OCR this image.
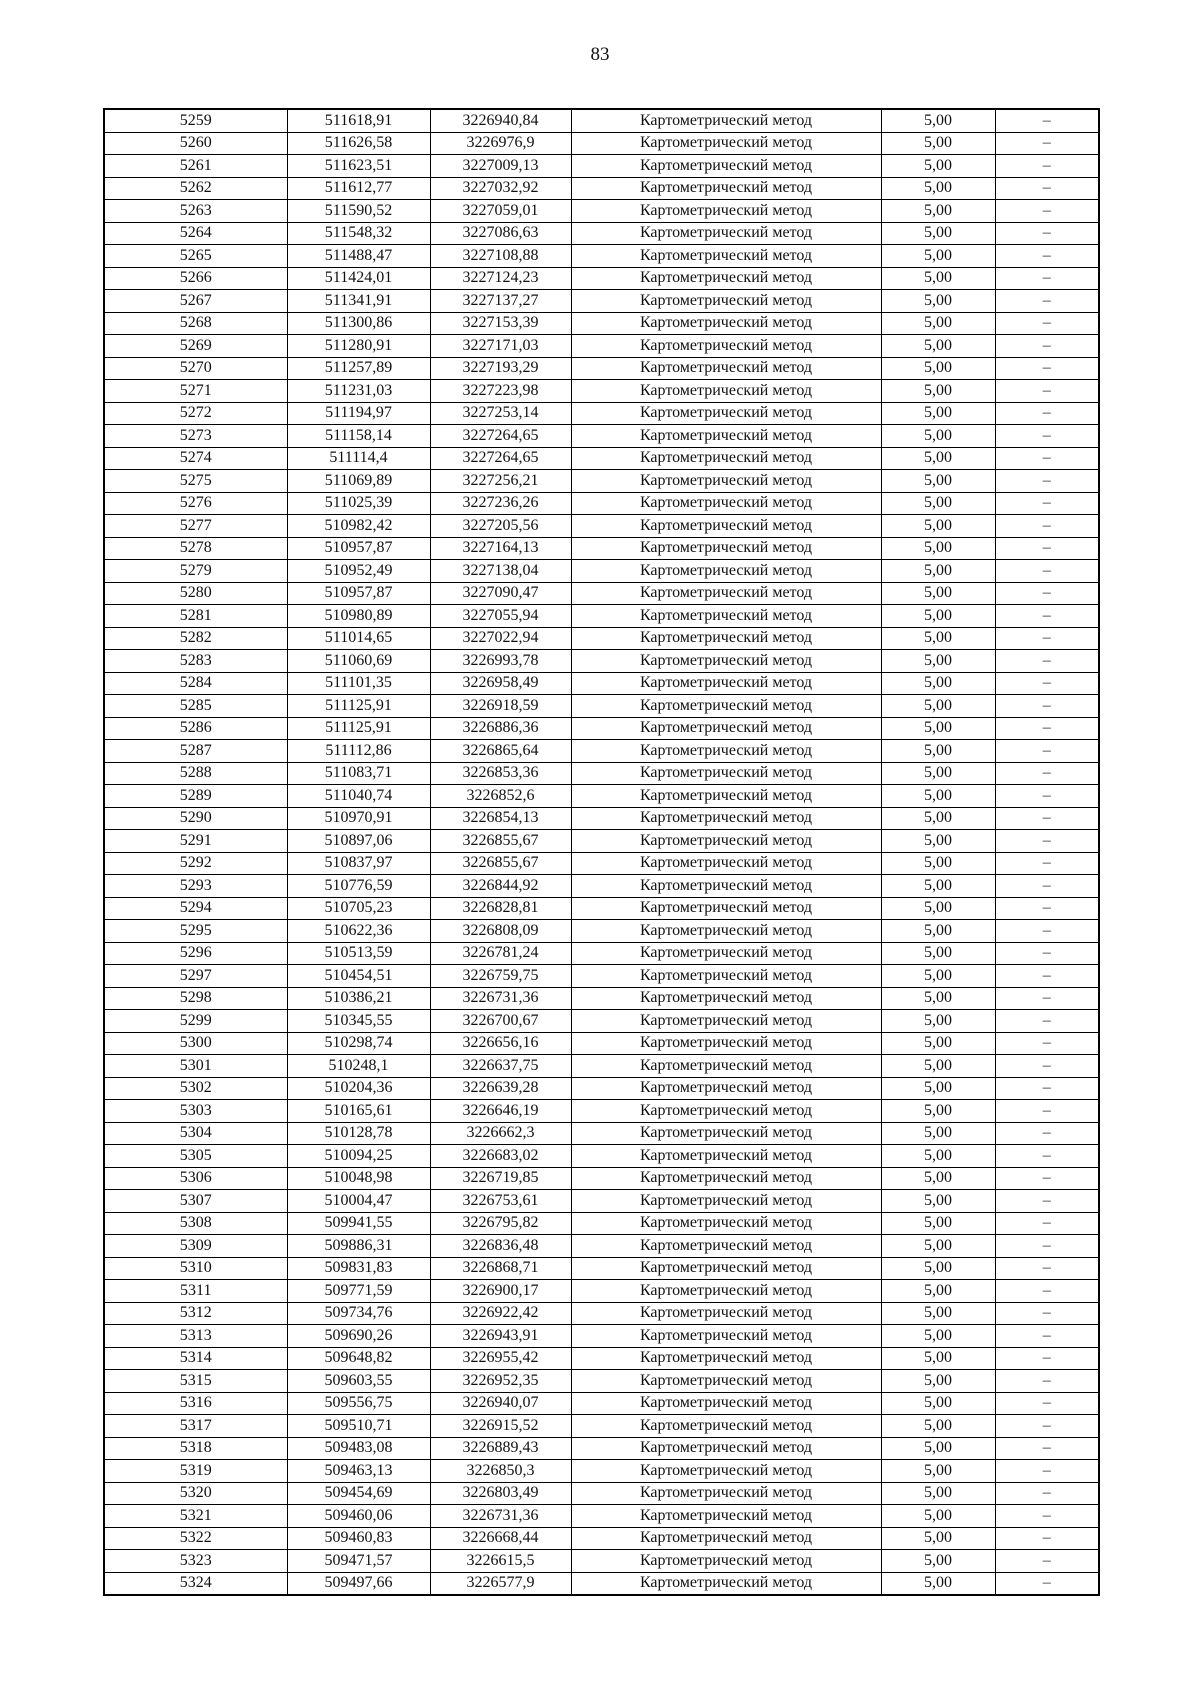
83
5259	511618,91	3226940,84	Картометрический метод	5,00	–
5260	511626,58	3226976,9	Картометрический метод	5,00	–
5261	511623,51	3227009,13	Картометрический метод	5,00	–
5262	511612,77	3227032,92	Картометрический метод	5,00	–
5263	511590,52	3227059,01	Картометрический метод	5,00	–
5264	511548,32	3227086,63	Картометрический метод	5,00	–
5265	511488,47	3227108,88	Картометрический метод	5,00	–
5266	511424,01	3227124,23	Картометрический метод	5,00	–
5267	511341,91	3227137,27	Картометрический метод	5,00	–
5268	511300,86	3227153,39	Картометрический метод	5,00	–
5269	511280,91	3227171,03	Картометрический метод	5,00	–
5270	511257,89	3227193,29	Картометрический метод	5,00	–
5271	511231,03	3227223,98	Картометрический метод	5,00	–
5272	511194,97	3227253,14	Картометрический метод	5,00	–
5273	511158,14	3227264,65	Картометрический метод	5,00	–
5274	511114,4	3227264,65	Картометрический метод	5,00	–
5275	511069,89	3227256,21	Картометрический метод	5,00	–
5276	511025,39	3227236,26	Картометрический метод	5,00	–
5277	510982,42	3227205,56	Картометрический метод	5,00	–
5278	510957,87	3227164,13	Картометрический метод	5,00	–
5279	510952,49	3227138,04	Картометрический метод	5,00	–
5280	510957,87	3227090,47	Картометрический метод	5,00	–
5281	510980,89	3227055,94	Картометрический метод	5,00	–
5282	511014,65	3227022,94	Картометрический метод	5,00	–
5283	511060,69	3226993,78	Картометрический метод	5,00	–
5284	511101,35	3226958,49	Картометрический метод	5,00	–
5285	511125,91	3226918,59	Картометрический метод	5,00	–
5286	511125,91	3226886,36	Картометрический метод	5,00	–
5287	511112,86	3226865,64	Картометрический метод	5,00	–
5288	511083,71	3226853,36	Картометрический метод	5,00	–
5289	511040,74	3226852,6	Картометрический метод	5,00	–
5290	510970,91	3226854,13	Картометрический метод	5,00	–
5291	510897,06	3226855,67	Картометрический метод	5,00	–
5292	510837,97	3226855,67	Картометрический метод	5,00	–
5293	510776,59	3226844,92	Картометрический метод	5,00	–
5294	510705,23	3226828,81	Картометрический метод	5,00	–
5295	510622,36	3226808,09	Картометрический метод	5,00	–
5296	510513,59	3226781,24	Картометрический метод	5,00	–
5297	510454,51	3226759,75	Картометрический метод	5,00	–
5298	510386,21	3226731,36	Картометрический метод	5,00	–
5299	510345,55	3226700,67	Картометрический метод	5,00	–
5300	510298,74	3226656,16	Картометрический метод	5,00	–
5301	510248,1	3226637,75	Картометрический метод	5,00	–
5302	510204,36	3226639,28	Картометрический метод	5,00	–
5303	510165,61	3226646,19	Картометрический метод	5,00	–
5304	510128,78	3226662,3	Картометрический метод	5,00	–
5305	510094,25	3226683,02	Картометрический метод	5,00	–
5306	510048,98	3226719,85	Картометрический метод	5,00	–
5307	510004,47	3226753,61	Картометрический метод	5,00	–
5308	509941,55	3226795,82	Картометрический метод	5,00	–
5309	509886,31	3226836,48	Картометрический метод	5,00	–
5310	509831,83	3226868,71	Картометрический метод	5,00	–
5311	509771,59	3226900,17	Картометрический метод	5,00	–
5312	509734,76	3226922,42	Картометрический метод	5,00	–
5313	509690,26	3226943,91	Картометрический метод	5,00	–
5314	509648,82	3226955,42	Картометрический метод	5,00	–
5315	509603,55	3226952,35	Картометрический метод	5,00	–
5316	509556,75	3226940,07	Картометрический метод	5,00	–
5317	509510,71	3226915,52	Картометрический метод	5,00	–
5318	509483,08	3226889,43	Картометрический метод	5,00	–
5319	509463,13	3226850,3	Картометрический метод	5,00	–
5320	509454,69	3226803,49	Картометрический метод	5,00	–
5321	509460,06	3226731,36	Картометрический метод	5,00	–
5322	509460,83	3226668,44	Картометрический метод	5,00	–
5323	509471,57	3226615,5	Картометрический метод	5,00	–
5324	509497,66	3226577,9	Картометрический метод	5,00	–
